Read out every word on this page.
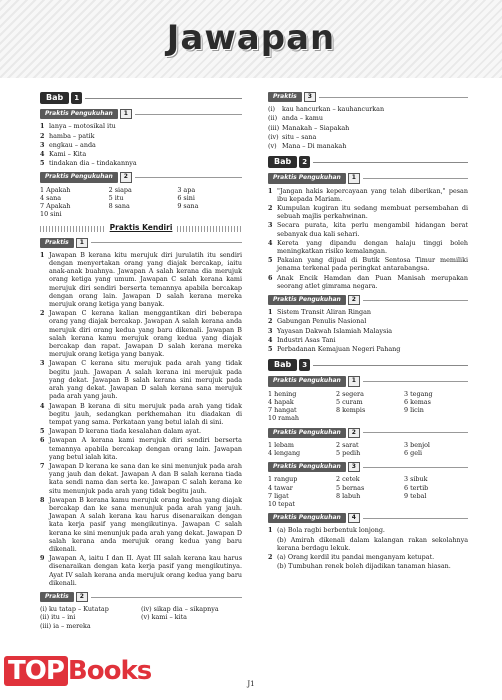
Jawapan
Bab	1
Praktis Pengukuhan	1
1 lanya – motosikal itu
2 hamba – patik
3 engkau – anda
4 Kami – Kita
5 tindakan dia – tindakannya
Praktis Pengukuhan	2
1 Apakah	2 siapa	3 apa
4 sana	5 itu	6 sini
7 Apakah	8 sana	9 sana
10 sini
Praktis Kendiri
Praktis	1
1 Jawapan B kerana kitu merujuk diri jurulatih itu sendiri dengan menyertakan orang yang diajak bercakap, iaitu anak-anak buahnya. Jawapan A salah kerana dia merujuk orang ketiga yang umum. Jawapan C salah kerana kami merujuk diri sendiri berserta temannya apabila bercakap dengan orang lain. Jawapan D salah kerana mereka merujuk orang ketiga yang banyak.
2 Jawapan C kerana kalian menggantikan diri beberapa orang yang diajak bercakap. Jawapan A salah kerana anda merujuk diri orang kedua yang baru dikenali. Jawapan B salah kerana kamu merujuk orang kedua yang diajak bercakap dan rapat. Jawapan D salah kerana mereka merujuk orang ketiga yang banyak.
3 Jawapan C kerana situ merujuk pada arah yang tidak begitu jauh. Jawapan A salah kerana ini merujuk pada yang dekat. Jawapan B salah kerana sini merujuk pada arah yang dekat. Jawapan D salah kerana sana merujuk pada arah yang jauh.
4 Jawapan B kerana di situ merujuk pada arah yang tidak begitu jauh, sedangkan perkhemahan itu diadakan di tempat yang sama. Perkataan yang betul ialah di sini.
5 Jawapan D kerana tiada kesalahan dalam ayat.
6 Jawapan A kerana kami merujuk diri sendiri berserta temannya apabila bercakap dengan orang lain. Jawapan yang betul ialah kita.
7 Jawapan D kerana ke sana dan ke sini menunjuk pada arah yang jauh dan dekat. Jawapan A dan B salah kerana tiada kata sendi nama dan serta ke. Jawapan C salah kerana ke situ menunjuk pada arah yang tidak begitu jauh.
8 Jawapan B kerana kamu merujuk orang kedua yang diajak bercakap dan ke sana menunjuk pada arah yang jauh. Jawapan A salah kerana kau harus disenaraikan dengan kata kerja pasif yang mengikutinya. Jawapan C salah kerana ke sini menunjuk pada arah yang dekat. Jawapan D salah kerana anda merujuk orang kedua yang baru dikenali.
9 Jawapan A, iaitu I dan II. Ayat III salah kerana kau harus disenaraikan dengan kata kerja pasif yang mengikutinya. Ayat IV salah kerana anda merujuk orang kedua yang baru dikenali.
Praktis	2
(i) ku tatap – Kutatap	(iv) sikap dia – sikapnya
(ii) itu – ini	(v) kami – kita
(iii) ia – mereka
Praktis	3
(i)	kau hancurkan – kauhancurkan
(ii) anda – kamu
(iii) Manakah – Siapakah
(iv) situ – sana
(v) Mana – Di manakah
Bab	2
Praktis Pengukuhan	1
1 "Jangan hakis kepercayaan yang telah diberikan," pesan ibu kepada Mariam.
2 Kumpulan kugiran itu sedang membuat persembahan di sebuah majlis perkahwinan.
3 Secara purata, kita perlu mengambil hidangan berat sebanyak dua kali sehari.
4 Kereta yang dipandu dengan halaju tinggi boleh meningkatkan risiko kemalangan.
5 Pakaian yang dijual di Butik Sentosa Timur memiliki jenama terkenal pada peringkat antarabangsa.
6 Anak Encik Hamdan dan Puan Manisah merupakan seorang atlet gimrama negara.
Praktis Pengukuhan	2
1 Sistem Transit Aliran Ringan
2 Gabungan Penulis Nasional
3 Yayasan Dakwah Islamiah Malaysia
4 Industri Asas Tani
5 Perbadanan Kemajuan Negeri Pahang
Bab	3
Praktis Pengukuhan	1
1 hening	2 segera	3 tegang
4 hapak	5 curam	6 kemas
7 hangat	8 kempis	9 licin
10 ramah
Praktis Pengukuhan	2
1 lebam	2 sarat	3 benjol
4 lengang	5 pedih	6 geli
Praktis Pengukuhan	3
1 rangup	2 cetek	3 sibuk
4 tawar	5 bernas	6 tertib
7 ligat	8 labuh	9 tebal
10 tepat
Praktis Pengukuhan	4
1 (a) Bola ragbi berbentuk lonjong.
(b) Amirah dikenali dalam kalangan rakan sekolahnya kerana berdagu lekuk.
2 (a) Orang kerdil itu pandai menganyam ketupat.
(b) Tumbuhan renek boleh dijadikan tanaman hiasan.
TOP Books	J1
